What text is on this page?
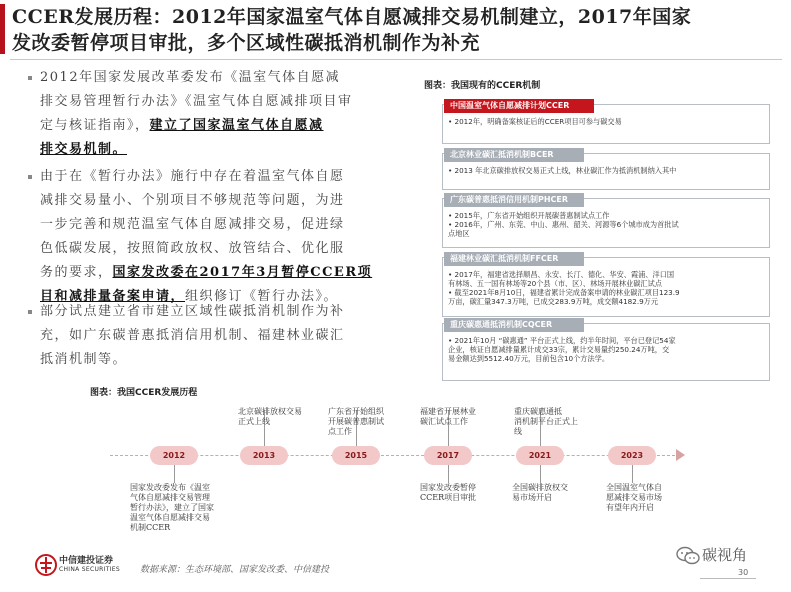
CCER发展历程：2012年国家温室气体自愿减排交易机制建立，2017年国家
发改委暂停项目审批，多个区域性碳抵消机制作为补充
2012年国家发展改革委发布《温室气体自愿减
排交易管理暂行办法》《温室气体自愿减排项目审
定与核证指南》，建立了国家温室气体自愿减
排交易机制。
由于在《暂行办法》施行中存在着温室气体自愿
减排交易量小、个别项目不够规范等问题，为进
一步完善和规范温室气体自愿减排交易，促进绿
色低碳发展，按照简政放权、放管结合、优化服
务的要求，国家发改委在2017年3月暂停CCER项
目和减排量备案申请，组织修订《暂行办法》。
部分试点建立省市建立区域性碳抵消机制作为补
充，如广东碳普惠抵消信用机制、福建林业碳汇
抵消机制等。
图表：我国现有的CCER机制
中国温室气体自愿减排计划CCER
• 2012年，明确备案核证后的CCER项目可参与碳交易
北京林业碳汇抵消机制BCER
• 2013 年北京碳排放权交易正式上线，林业碳汇作为抵消机制纳入其中
广东碳普惠抵消信用机制PHCER
• 2015年，广东省开始组织开展碳普惠制试点工作
• 2016年，广州、东莞、中山、惠州、韶关、河源等6个城市成为首批试
点地区
福建林业碳汇抵消机制FFCER
• 2017年，福建省选择顺昌、永安、长汀、德化、华安、霞浦、洋口国
有林场、五一国有林场等20个县（市、区）、林场开展林业碳汇试点
• 截至2021年8月10日，福建省累计完成备案申请的林业碳汇项目123.9
万亩，碳汇量347.3万吨，已成交283.9万吨，成交额4182.9万元
重庆碳惠通抵消机制CQCER
• 2021年10月 “碳惠通” 平台正式上线，约半年时间，平台已登记54家
企业，核证自愿减排量累计成交33宗，累计交易量约250.24万吨，交
易金额达到5512.40万元，目前包含10个方法学。
图表：我国CCER发展历程
2012	2013	2015	2017	2021	2023
北京碳排放权交易
正式上线
广东省开始组织
开展碳普惠制试
点工作
福建省开展林业
碳汇试点工作
重庆碳惠通抵
消机制平台正式上
线
国家发改委发布《温室
气体自愿减排交易管理
暂行办法》，建立了国家
温室气体自愿减排交易
机制CCER
国家发改委暂停
CCER项目审批
全国碳排放权交
易市场开启
全国温室气体自
愿减排交易市场
有望年内开启
中信建投证券
CHINA SECURITIES 数据来源：生态环境部、国家发改委、中信建投
碳视角
30
